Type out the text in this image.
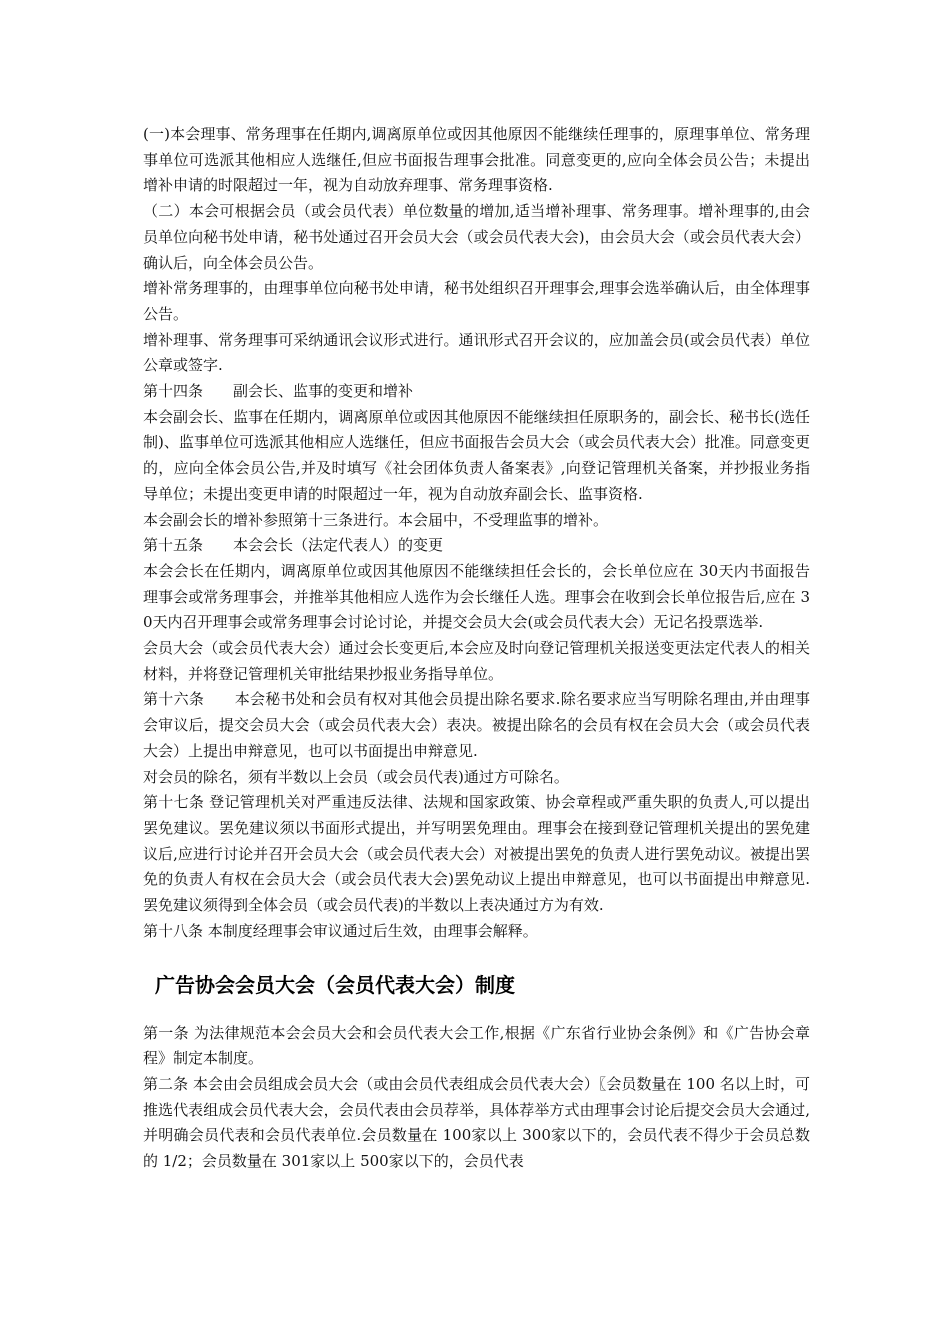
(一)本会理事、常务理事在任期内,调离原单位或因其他原因不能继续任理事的，原理事单位、常务理事单位可选派其他相应人选继任,但应书面报告理事会批准。同意变更的,应向全体会员公告；未提出增补申请的时限超过一年，视为自动放弃理事、常务理事资格.

（二）本会可根据会员（或会员代表）单位数量的增加,适当增补理事、常务理事。增补理事的,由会员单位向秘书处申请，秘书处通过召开会员大会（或会员代表大会)，由会员大会（或会员代表大会）确认后，向全体会员公告。

增补常务理事的，由理事单位向秘书处申请，秘书处组织召开理事会,理事会选举确认后，由全体理事公告。

增补理事、常务理事可采纳通讯会议形式进行。通讯形式召开会议的，应加盖会员(或会员代表）单位公章或签字.

第十四条　　副会长、监事的变更和增补

本会副会长、监事在任期内，调离原单位或因其他原因不能继续担任原职务的，副会长、秘书长(选任制)、监事单位可选派其他相应人选继任，但应书面报告会员大会（或会员代表大会）批准。同意变更的，应向全体会员公告,并及时填写《社会团体负责人备案表》,向登记管理机关备案，并抄报业务指导单位；未提出变更申请的时限超过一年，视为自动放弃副会长、监事资格.

本会副会长的增补参照第十三条进行。本会届中，不受理监事的增补。

第十五条　　本会会长（法定代表人）的变更

本会会长在任期内，调离原单位或因其他原因不能继续担任会长的，会长单位应在 30天内书面报告理事会或常务理事会，并推举其他相应人选作为会长继任人选。理事会在收到会长单位报告后,应在 30天内召开理事会或常务理事会讨论讨论，并提交会员大会(或会员代表大会）无记名投票选举.

会员大会（或会员代表大会）通过会长变更后,本会应及时向登记管理机关报送变更法定代表人的相关材料，并将登记管理机关审批结果抄报业务指导单位。

第十六条　　本会秘书处和会员有权对其他会员提出除名要求.除名要求应当写明除名理由,并由理事会审议后，提交会员大会（或会员代表大会）表决。被提出除名的会员有权在会员大会（或会员代表大会）上提出申辩意见，也可以书面提出申辩意见.

对会员的除名，须有半数以上会员（或会员代表)通过方可除名。

第十七条 登记管理机关对严重违反法律、法规和国家政策、协会章程或严重失职的负责人,可以提出罢免建议。罢免建议须以书面形式提出，并写明罢免理由。理事会在接到登记管理机关提出的罢免建议后,应进行讨论并召开会员大会（或会员代表大会）对被提出罢免的负责人进行罢免动议。被提出罢免的负责人有权在会员大会（或会员代表大会)罢免动议上提出申辩意见，也可以书面提出申辩意见.罢免建议须得到全体会员（或会员代表)的半数以上表决通过方为有效.

第十八条 本制度经理事会审议通过后生效，由理事会解释。

广告协会会员大会（会员代表大会）制度

第一条 为法律规范本会会员大会和会员代表大会工作,根据《广东省行业协会条例》和《广告协会章程》制定本制度。

第二条 本会由会员组成会员大会（或由会员代表组成会员代表大会）〖会员数量在 100 名以上时，可推选代表组成会员代表大会，会员代表由会员荐举，具体荐举方式由理事会讨论后提交会员大会通过,并明确会员代表和会员代表单位.会员数量在 100家以上 300家以下的，会员代表不得少于会员总数的 1/2；会员数量在 301家以上 500家以下的，会员代表
